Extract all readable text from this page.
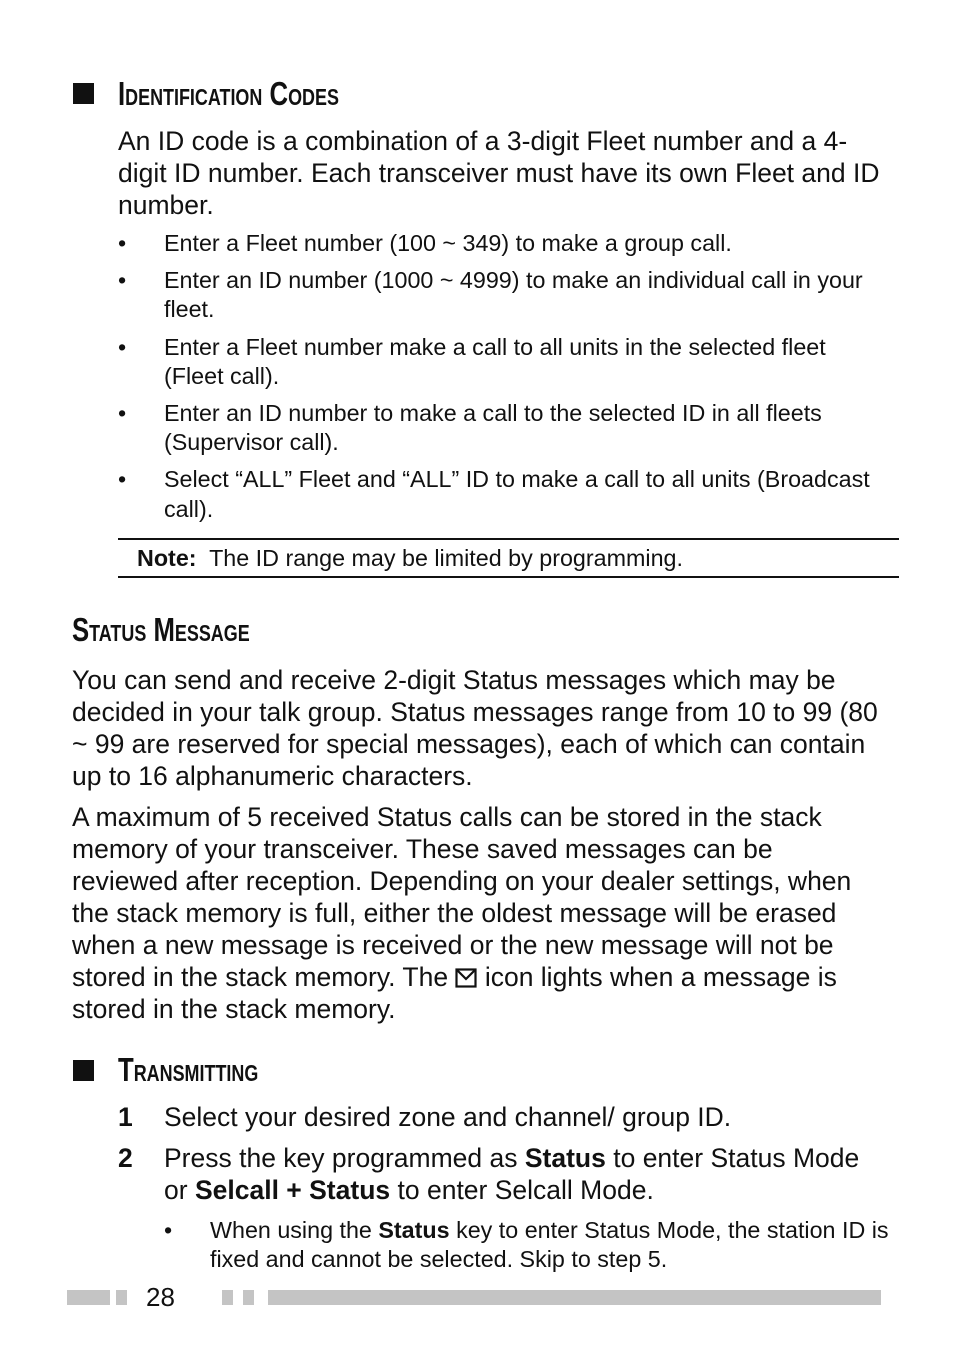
Identification Codes
An ID code is a combination of a 3-digit Fleet number and a 4-digit ID number. Each transceiver must have its own Fleet and ID number.
• Enter a Fleet number (100 ~ 349) to make a group call.
• Enter an ID number (1000 ~ 4999) to make an individual call in your fleet.
• Enter a Fleet number make a call to all units in the selected fleet (Fleet call).
• Enter an ID number to make a call to the selected ID in all fleets (Supervisor call).
• Select “ALL” Fleet and “ALL” ID to make a call to all units (Broadcast call).
Note: The ID range may be limited by programming.
Status Message
You can send and receive 2-digit Status messages which may be decided in your talk group. Status messages range from 10 to 99 (80 ~ 99 are reserved for special messages), each of which can contain up to 16 alphanumeric characters.
A maximum of 5 received Status calls can be stored in the stack memory of your transceiver. These saved messages can be reviewed after reception. Depending on your dealer settings, when the stack memory is full, either the oldest message will be erased when a new message is received or the new message will not be stored in the stack memory. The icon lights when a message is stored in the stack memory.
Transmitting
1 Select your desired zone and channel/ group ID.
2 Press the key programmed as Status to enter Status Mode or Selcall + Status to enter Selcall Mode.
• When using the Status key to enter Status Mode, the station ID is fixed and cannot be selected. Skip to step 5.
28
